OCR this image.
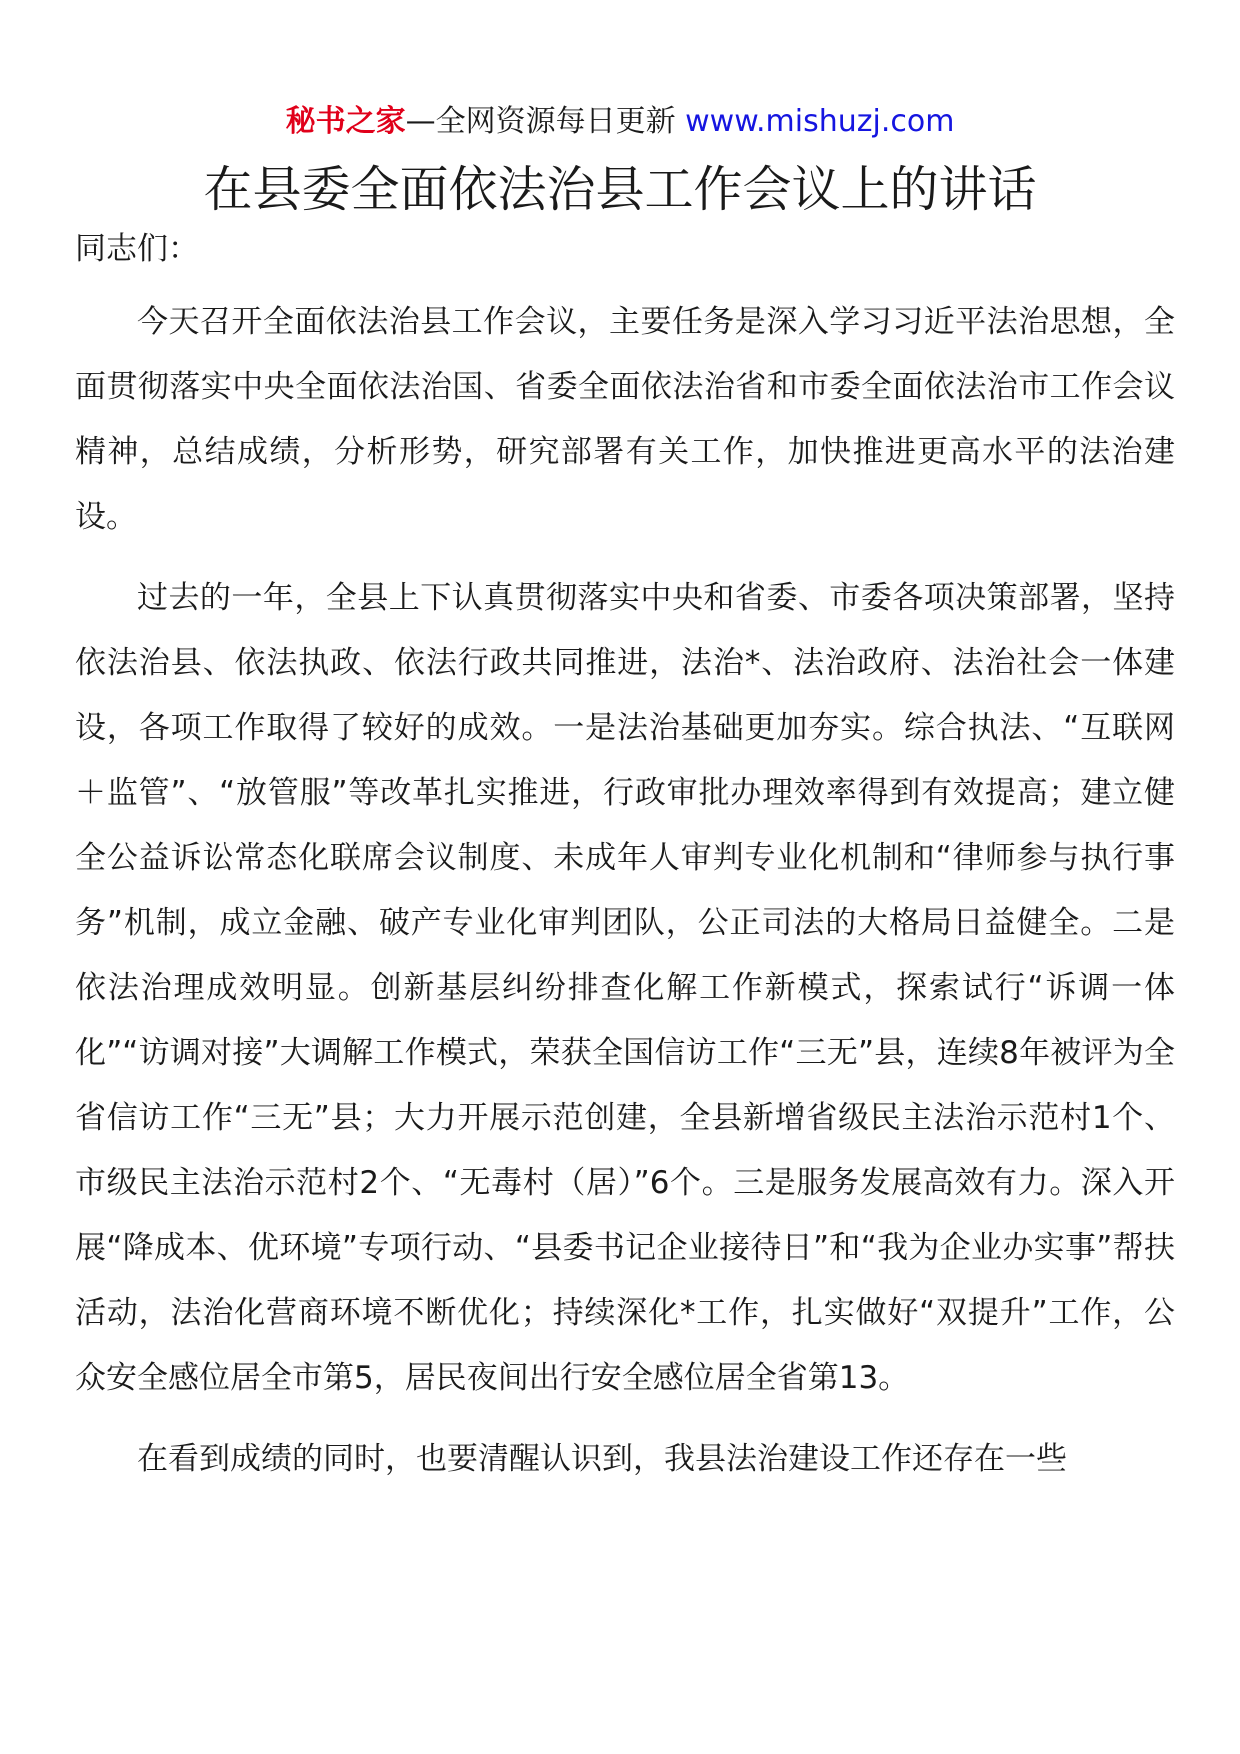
秘书之家—全网资源每日更新 www.mishuzj.com
在县委全面依法治县工作会议上的讲话

同志们：

今天召开全面依法治县工作会议，主要任务是深入学习习近平法治思想，全面贯彻落实中央全面依法治国、省委全面依法治省和市委全面依法治市工作会议精神，总结成绩，分析形势，研究部署有关工作，加快推进更高水平的法治建设。

过去的一年，全县上下认真贯彻落实中央和省委、市委各项决策部署，坚持依法治县、依法执政、依法行政共同推进，法治*、法治政府、法治社会一体建设，各项工作取得了较好的成效。一是法治基础更加夯实。综合执法、“互联网＋监管”、“放管服”等改革扎实推进，行政审批办理效率得到有效提高；建立健全公益诉讼常态化联席会议制度、未成年人审判专业化机制和“律师参与执行事务”机制，成立金融、破产专业化审判团队，公正司法的大格局日益健全。二是依法治理成效明显。创新基层纠纷排查化解工作新模式，探索试行“诉调一体化”“访调对接”大调解工作模式，荣获全国信访工作“三无”县，连续8年被评为全省信访工作“三无”县；大力开展示范创建，全县新增省级民主法治示范村1个、市级民主法治示范村2个、“无毒村（居）”6个。三是服务发展高效有力。深入开展“降成本、优环境”专项行动、“县委书记企业接待日”和“我为企业办实事”帮扶活动，法治化营商环境不断优化；持续深化*工作，扎实做好“双提升”工作，公众安全感位居全市第5，居民夜间出行安全感位居全省第13。

在看到成绩的同时，也要清醒认识到，我县法治建设工作还存在一些
